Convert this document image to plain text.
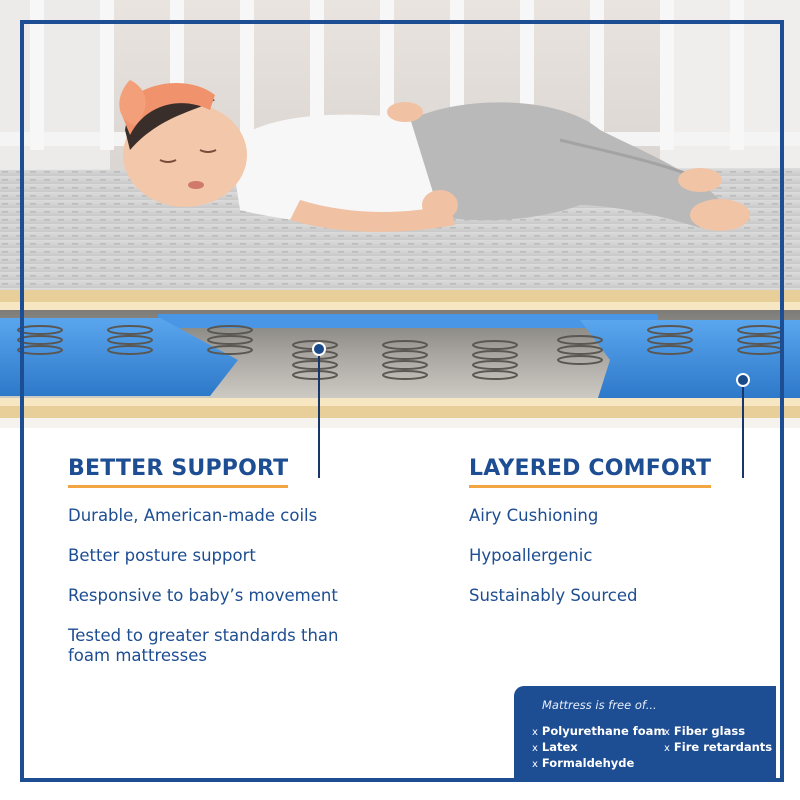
BETTER SUPPORT
Durable, American-made coils
Better posture support
Responsive to baby’s movement
Tested to greater standards than foam mattresses
LAYERED COMFORT
Airy Cushioning
Hypoallergenic
Sustainably Sourced
Mattress is free of...
x Polyurethane foam
x Latex
x Formaldehyde
x Fiber glass
x Fire retardants
